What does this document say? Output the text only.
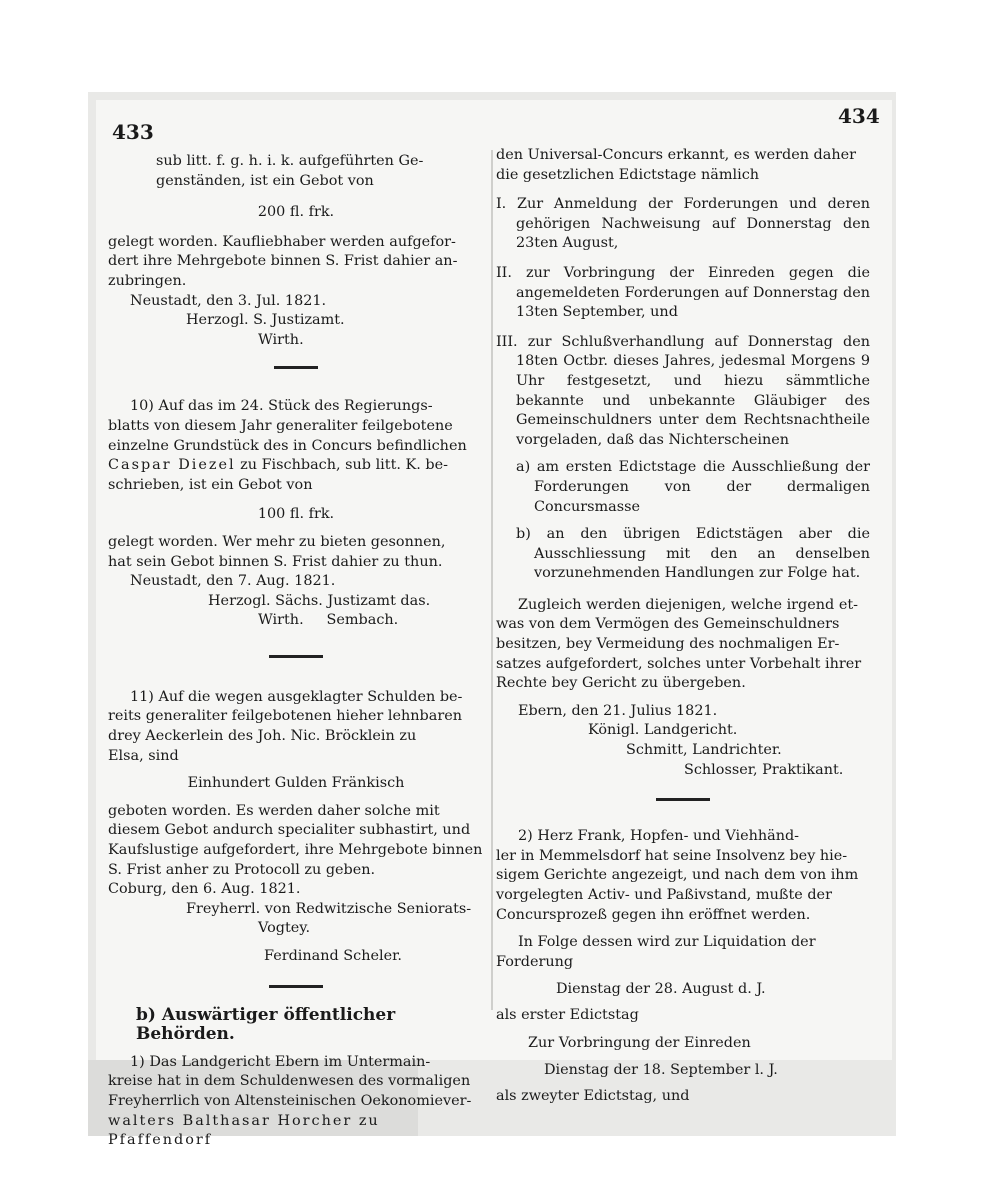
433
434

sub litt. f. g. h. i. k. aufgeführten Ge-

genständen, ist ein Gebot von

200 fl. frk.

gelegt worden. Kaufliebhaber werden aufgefor-

dert ihre Mehrgebote binnen S. Frist dahier an-

zubringen.

Neustadt, den 3. Jul. 1821.

Herzogl. S. Justizamt.

Wirth.

10) Auf das im 24. Stück des Regierungs-

blatts von diesem Jahr generaliter feilgebotene

einzelne Grundstück des in Concurs befindlichen

Caspar Diezel zu Fischbach, sub litt. K. be-

schrieben, ist ein Gebot von

100 fl. frk.

gelegt worden. Wer mehr zu bieten gesonnen,

hat sein Gebot binnen S. Frist dahier zu thun.

Neustadt, den 7. Aug. 1821.

Herzogl. Sächs. Justizamt das.

Wirth.     Sembach.

11) Auf die wegen ausgeklagter Schulden be-

reits generaliter feilgebotenen hieher lehnbaren

drey Aeckerlein des Joh. Nic. Bröcklein zu

Elsa, sind

Einhundert Gulden Fränkisch

geboten worden. Es werden daher solche mit

diesem Gebot andurch specialiter subhastirt, und

Kaufslustige aufgefordert, ihre Mehrgebote binnen

S. Frist anher zu Protocoll zu geben.

Coburg, den 6. Aug. 1821.

Freyherrl. von Redwitzische Seniorats-

Vogtey.

Ferdinand Scheler.

b) Auswärtiger öffentlicher Behörden.

1) Das Landgericht Ebern im Untermain-

kreise hat in dem Schuldenwesen des vormaligen

Freyherrlich von Altensteinischen Oekonomiever-

walters Balthasar Horcher zu Pfaffendorf

den Universal-Concurs erkannt, es werden daher

die gesetzlichen Edictstage nämlich

I. Zur Anmeldung der Forderungen und deren gehörigen Nachweisung auf Donnerstag den 23ten August,

II. zur Vorbringung der Einreden gegen die angemeldeten Forderungen auf Donnerstag den 13ten September, und

III. zur Schlußverhandlung auf Donnerstag den 18ten Octbr. dieses Jahres, jedesmal Morgens 9 Uhr festgesetzt, und hiezu sämmtliche bekannte und unbekannte Gläubiger des Gemeinschuldners unter dem Rechtsnachtheile vorgeladen, daß das Nichterscheinen

a) am ersten Edictstage die Ausschließung der Forderungen von der dermaligen Concursmasse

b) an den übrigen Edictstägen aber die Ausschliessung mit den an denselben vorzunehmenden Handlungen zur Folge hat.

Zugleich werden diejenigen, welche irgend et-

was von dem Vermögen des Gemeinschuldners

besitzen, bey Vermeidung des nochmaligen Er-

satzes aufgefordert, solches unter Vorbehalt ihrer

Rechte bey Gericht zu übergeben.

Ebern, den 21. Julius 1821.

Königl. Landgericht.

Schmitt, Landrichter.

Schlosser, Praktikant.

2) Herz Frank, Hopfen- und Viehhänd-

ler in Memmelsdorf hat seine Insolvenz bey hie-

sigem Gerichte angezeigt, und nach dem von ihm

vorgelegten Activ- und Paßivstand, mußte der

Concursprozeß gegen ihn eröffnet werden.

In Folge dessen wird zur Liquidation der

Forderung

Dienstag der 28. August d. J.

als erster Edictstag

Zur Vorbringung der Einreden

Dienstag der 18. September l. J.

als zweyter Edictstag, und
